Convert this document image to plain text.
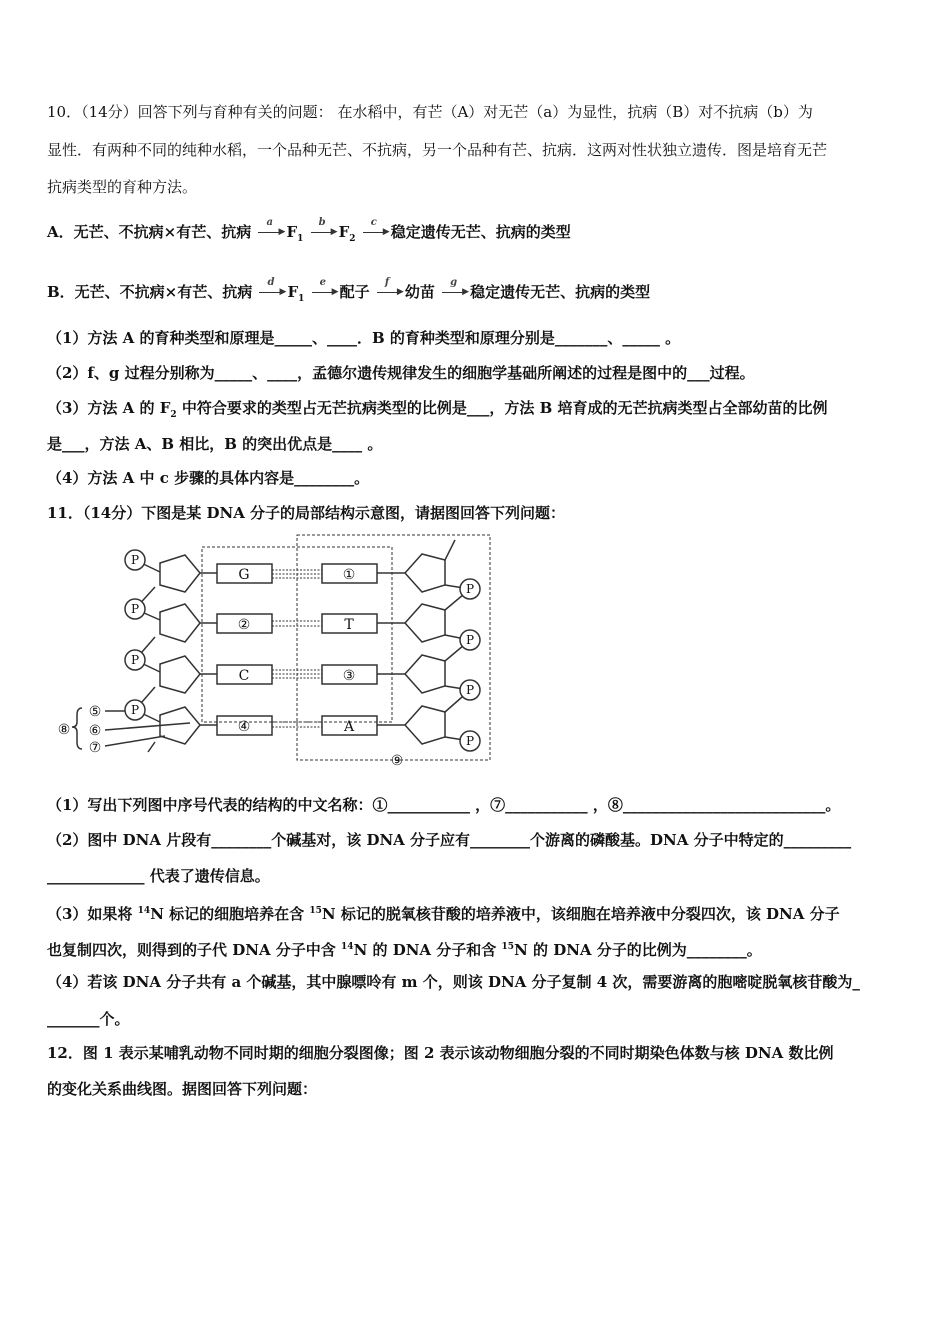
10．（14分）回答下列与育种有关的问题： 在水稻中，有芒（A）对无芒（a）为显性，抗病（B）对不抗病（b）为
显性．有两种不同的纯种水稻，一个品种无芒、不抗病，另一个品种有芒、抗病．这两对性状独立遗传．图是培育无芒
抗病类型的育种方法。
A．无芒、不抗病×有芒、抗病
a
▶ $F_1$
b
▶ $F_2$
c
▶ 稳定遗传无芒、抗病的类型
B．无芒、不抗病×有芒、抗病
d
▶ $F_1$
e
▶ 配子
f
▶ 幼苗
g
▶ 稳定遗传无芒、抗病的类型
（1）方法 A 的育种类型和原理是_____、____．B 的育种类型和原理分别是_______、_____ 。
（2）f、g 过程分别称为_____、____，孟德尔遗传规律发生的细胞学基础所阐述的过程是图中的___过程。
（3）方法 A 的 $F_2$ 中符合要求的类型占无芒抗病类型的比例是___，方法 B 培育成的无芒抗病类型占全部幼苗的比例
是___，方法 A、B 相比，B 的突出优点是____ 。
（4）方法 A 中 c 步骤的具体内容是________。
11．（14分）下图是某 DNA 分子的局部结构示意图，请据图回答下列问题：
P
P
P
P
P
P
P
P
G
②
C
④
①
T
③
A
⑤
⑥
⑦
⑧
⑨
（1）写出下列图中序号代表的结构的中文名称：①___________ ，⑦___________ ，⑧___________________________。
（2）图中 DNA 片段有________个碱基对，该 DNA 分子应有________个游离的磷酸基。DNA 分子中特定的_________
_____________ 代表了遗传信息。
（3）如果将 $^{14}$N 标记的细胞培养在含 $^{15}$N 标记的脱氧核苷酸的培养液中，该细胞在培养液中分裂四次，该 DNA 分子
也复制四次，则得到的子代 DNA 分子中含 $^{14}$N 的 DNA 分子和含 $^{15}$N 的 DNA 分子的比例为________。
（4）若该 DNA 分子共有 a 个碱基，其中腺嘌呤有 m 个，则该 DNA 分子复制 4 次，需要游离的胞嘧啶脱氧核苷酸为_
_______个。
12．图 1 表示某哺乳动物不同时期的细胞分裂图像；图 2 表示该动物细胞分裂的不同时期染色体数与核 DNA 数比例
的变化关系曲线图。据图回答下列问题：
